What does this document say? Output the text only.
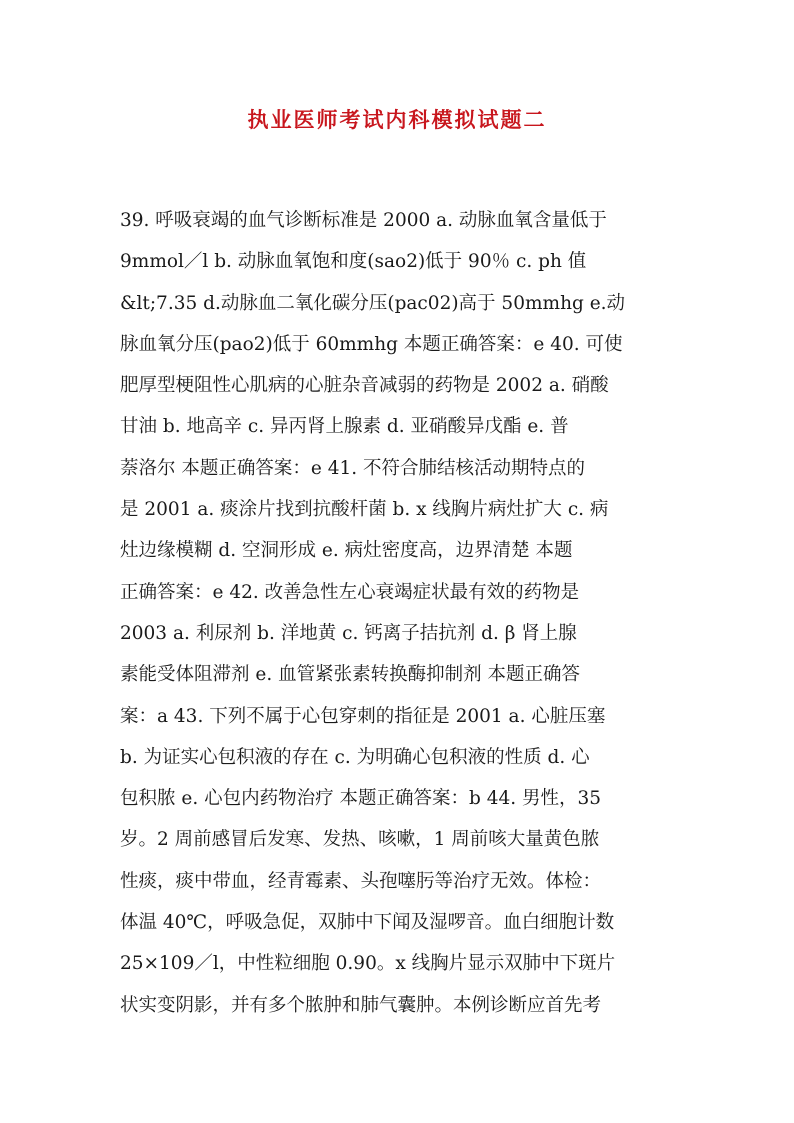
执业医师考试内科模拟试题二
39. 呼吸衰竭的血气诊断标准是 2000 a. 动脉血氧含量低于
9mmol／l b. 动脉血氧饱和度(sao2)低于 90％ c. ph 值
&lt;7.35 d.动脉血二氧化碳分压(pac02)高于 50mmhg e.动
脉血氧分压(pao2)低于 60mmhg 本题正确答案：e 40. 可使
肥厚型梗阻性心肌病的心脏杂音减弱的药物是 2002 a. 硝酸
甘油 b. 地高辛 c. 异丙肾上腺素 d. 亚硝酸异戊酯 e. 普
萘洛尔 本题正确答案：e 41. 不符合肺结核活动期特点的
是 2001 a. 痰涂片找到抗酸杆菌 b. x 线胸片病灶扩大 c. 病
灶边缘模糊 d. 空洞形成 e. 病灶密度高，边界清楚 本题
正确答案：e 42. 改善急性左心衰竭症状最有效的药物是
2003 a. 利尿剂 b. 洋地黄 c. 钙离子拮抗剂 d. β 肾上腺
素能受体阻滞剂 e. 血管紧张素转换酶抑制剂 本题正确答
案：a 43. 下列不属于心包穿刺的指征是 2001 a. 心脏压塞
b. 为证实心包积液的存在 c. 为明确心包积液的性质 d. 心
包积脓 e. 心包内药物治疗 本题正确答案：b 44. 男性，35
岁。2 周前感冒后发寒、发热、咳嗽，1 周前咳大量黄色脓
性痰，痰中带血，经青霉素、头孢噻肟等治疗无效。体检：
体温 40℃，呼吸急促，双肺中下闻及湿啰音。血白细胞计数
25×109／l，中性粒细胞 0.90。x 线胸片显示双肺中下斑片
状实变阴影，并有多个脓肿和肺气囊肿。本例诊断应首先考
